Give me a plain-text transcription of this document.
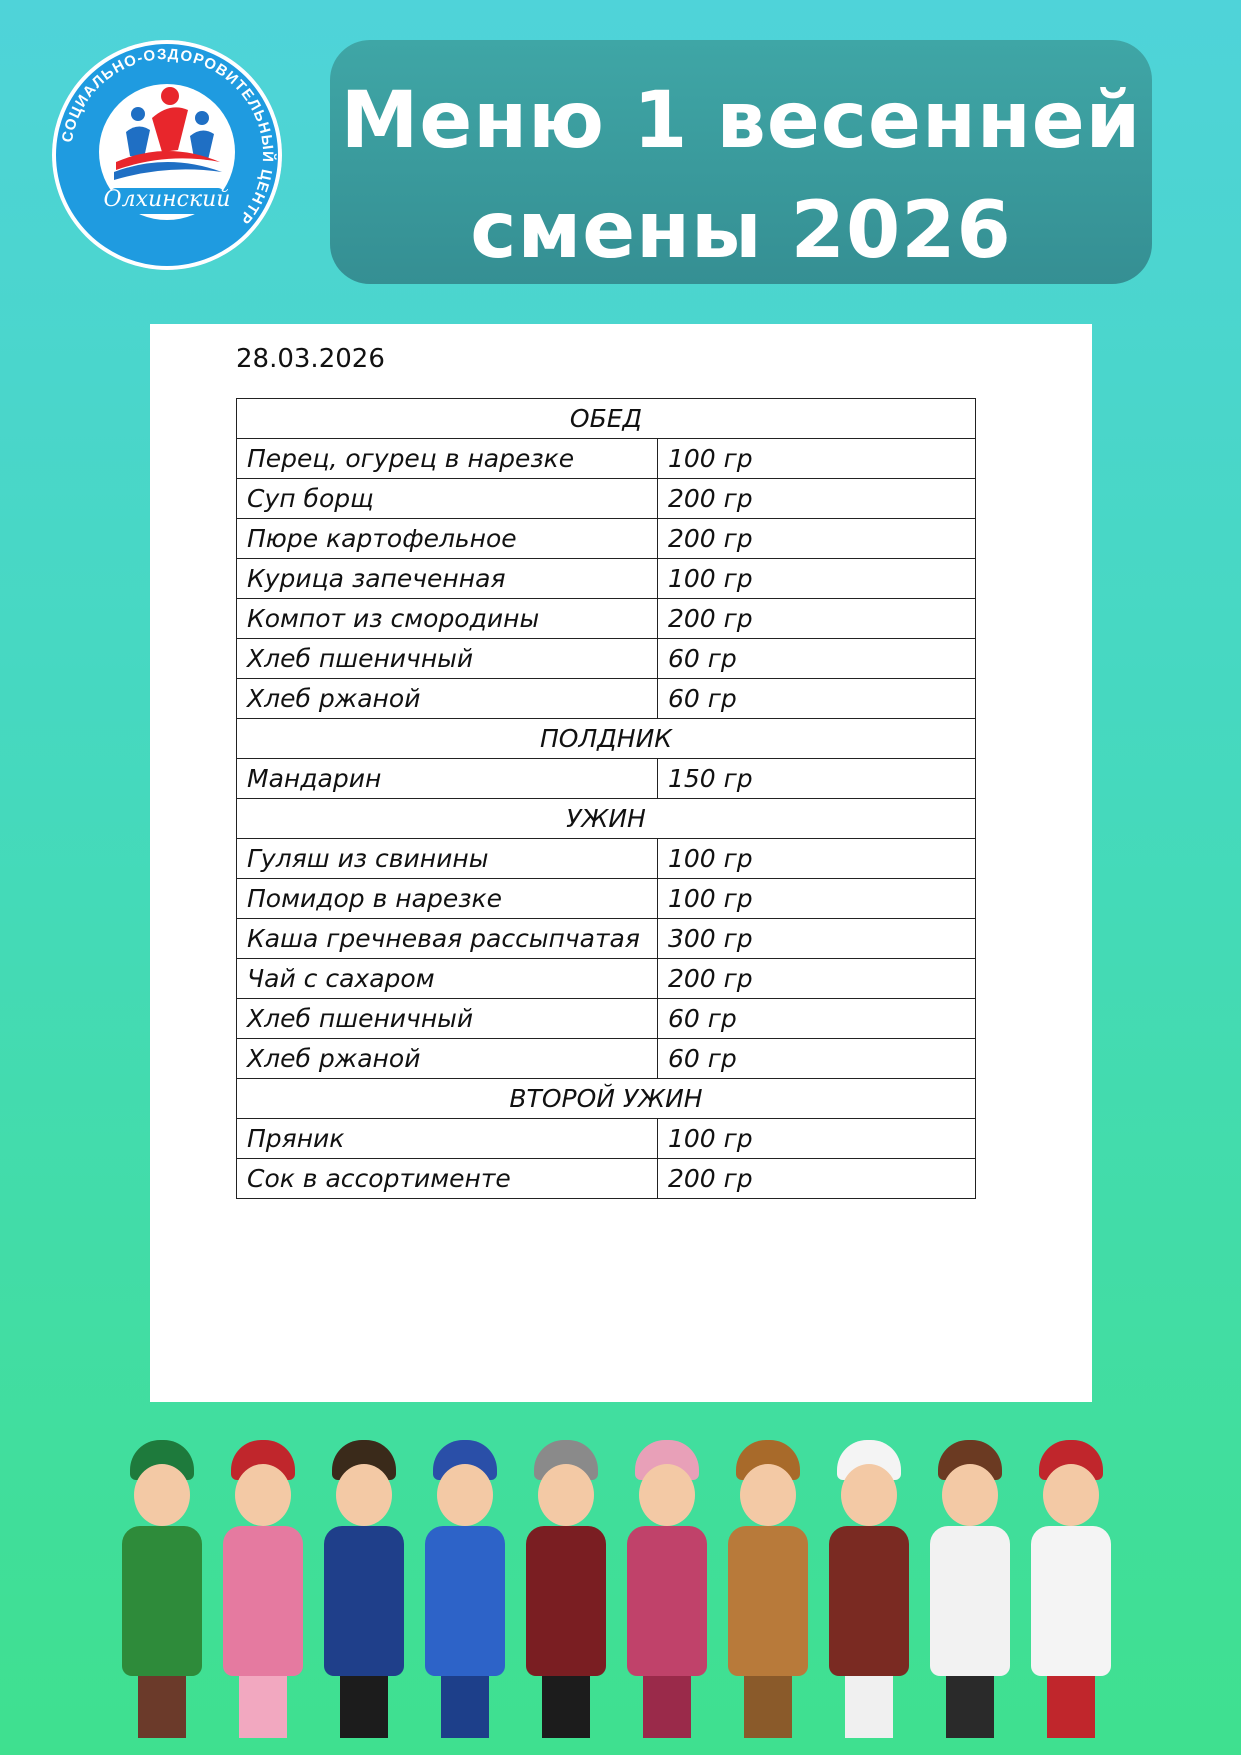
СОЦИАЛЬНО-ОЗДОРОВИТЕЛЬНЫЙ ЦЕНТР
Олхинский
Меню 1 весенней
смены 2026
28.03.2026
ОБЕД	
Перец, огурец в нарезке	100 гр
Суп борщ	200 гр
Пюре картофельное	200 гр
Курица запеченная	100 гр
Компот из смородины	200 гр
Хлеб пшеничный	60 гр
Хлеб ржаной	60 гр
ПОЛДНИК	
Мандарин	150 гр
УЖИН	
Гуляш из свинины	100 гр
Помидор в нарезке	100 гр
Каша гречневая рассыпчатая	300 гр
Чай с сахаром	200 гр
Хлеб пшеничный	60 гр
Хлеб ржаной	60 гр
ВТОРОЙ УЖИН	
Пряник	100 гр
Сок в ассортименте	200 гр
